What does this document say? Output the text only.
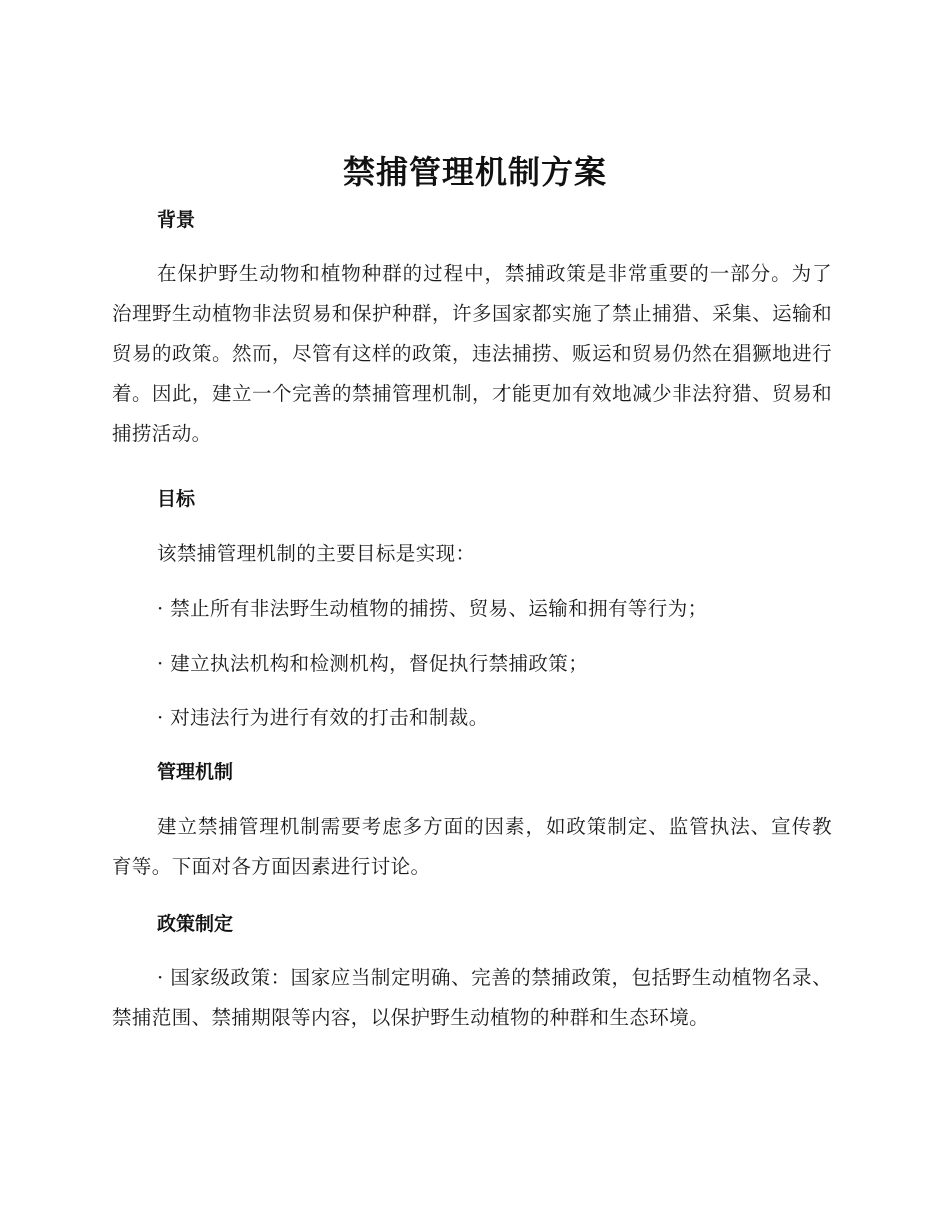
禁捕管理机制方案
背景
在保护野生动物和植物种群的过程中，禁捕政策是非常重要的一部分。为了治理野生动植物非法贸易和保护种群，许多国家都实施了禁止捕猎、采集、运输和贸易的政策。然而，尽管有这样的政策，违法捕捞、贩运和贸易仍然在猖獗地进行着。因此，建立一个完善的禁捕管理机制，才能更加有效地减少非法狩猎、贸易和捕捞活动。
目标
该禁捕管理机制的主要目标是实现：
· 禁止所有非法野生动植物的捕捞、贸易、运输和拥有等行为；
· 建立执法机构和检测机构，督促执行禁捕政策；
· 对违法行为进行有效的打击和制裁。
管理机制
建立禁捕管理机制需要考虑多方面的因素，如政策制定、监管执法、宣传教育等。下面对各方面因素进行讨论。
政策制定
· 国家级政策：国家应当制定明确、完善的禁捕政策，包括野生动植物名录、禁捕范围、禁捕期限等内容，以保护野生动植物的种群和生态环境。
